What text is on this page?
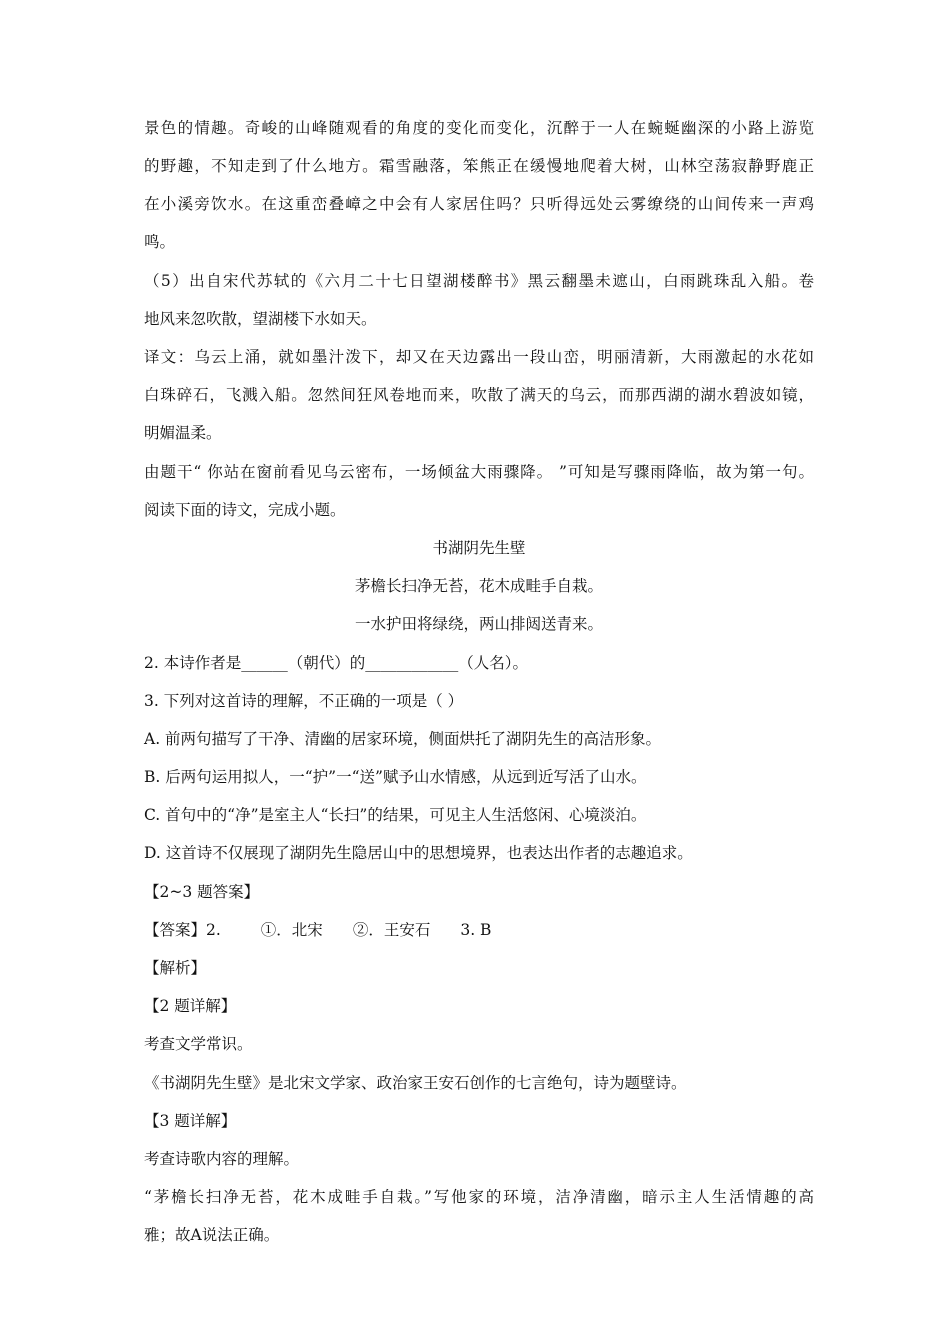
景色的情趣。奇峻的山峰随观看的角度的变化而变化，沉醉于一人在蜿蜒幽深的小路上游览
的野趣，不知走到了什么地方。霜雪融落，笨熊正在缓慢地爬着大树，山林空荡寂静野鹿正
在小溪旁饮水。在这重峦叠嶂之中会有人家居住吗？只听得远处云雾缭绕的山间传来一声鸡
鸣。
（5）出自宋代苏轼的《六月二十七日望湖楼醉书》黑云翻墨未遮山，白雨跳珠乱入船。卷
地风来忽吹散，望湖楼下水如天。
译文：乌云上涌，就如墨汁泼下，却又在天边露出一段山峦，明丽清新，大雨激起的水花如
白珠碎石，飞溅入船。忽然间狂风卷地而来，吹散了满天的乌云，而那西湖的湖水碧波如镜，
明媚温柔。
由题干“ 你站在窗前看见乌云密布，一场倾盆大雨骤降。 ”可知是写骤雨降临，故为第一句。
阅读下面的诗文，完成小题。
书湖阴先生壁
茅檐长扫净无苔，花木成畦手自栽。
一水护田将绿绕，两山排闼送青来。
2. 本诗作者是______（朝代）的____________（人名）。
3. 下列对这首诗的理解，不正确的一项是（ ）
A. 前两句描写了干净、清幽的居家环境，侧面烘托了湖阴先生的高洁形象。
B. 后两句运用拟人，一“护”一“送”赋予山水情感，从远到近写活了山水。
C. 首句中的“净”是室主人“长扫”的结果，可见主人生活悠闲、心境淡泊。
D. 这首诗不仅展现了湖阴先生隐居山中的思想境界，也表达出作者的志趣追求。
【2~3 题答案】
【答案】2.	①．北宋 ②．王安石 3. B
【解析】
【2 题详解】
考查文学常识。
《书湖阴先生壁》是北宋文学家、政治家王安石创作的七言绝句，诗为题壁诗。
【3 题详解】
考查诗歌内容的理解。
“茅檐长扫净无苔，花木成畦手自栽。”写他家的环境，洁净清幽，暗示主人生活情趣的高
雅；故A说法正确。
